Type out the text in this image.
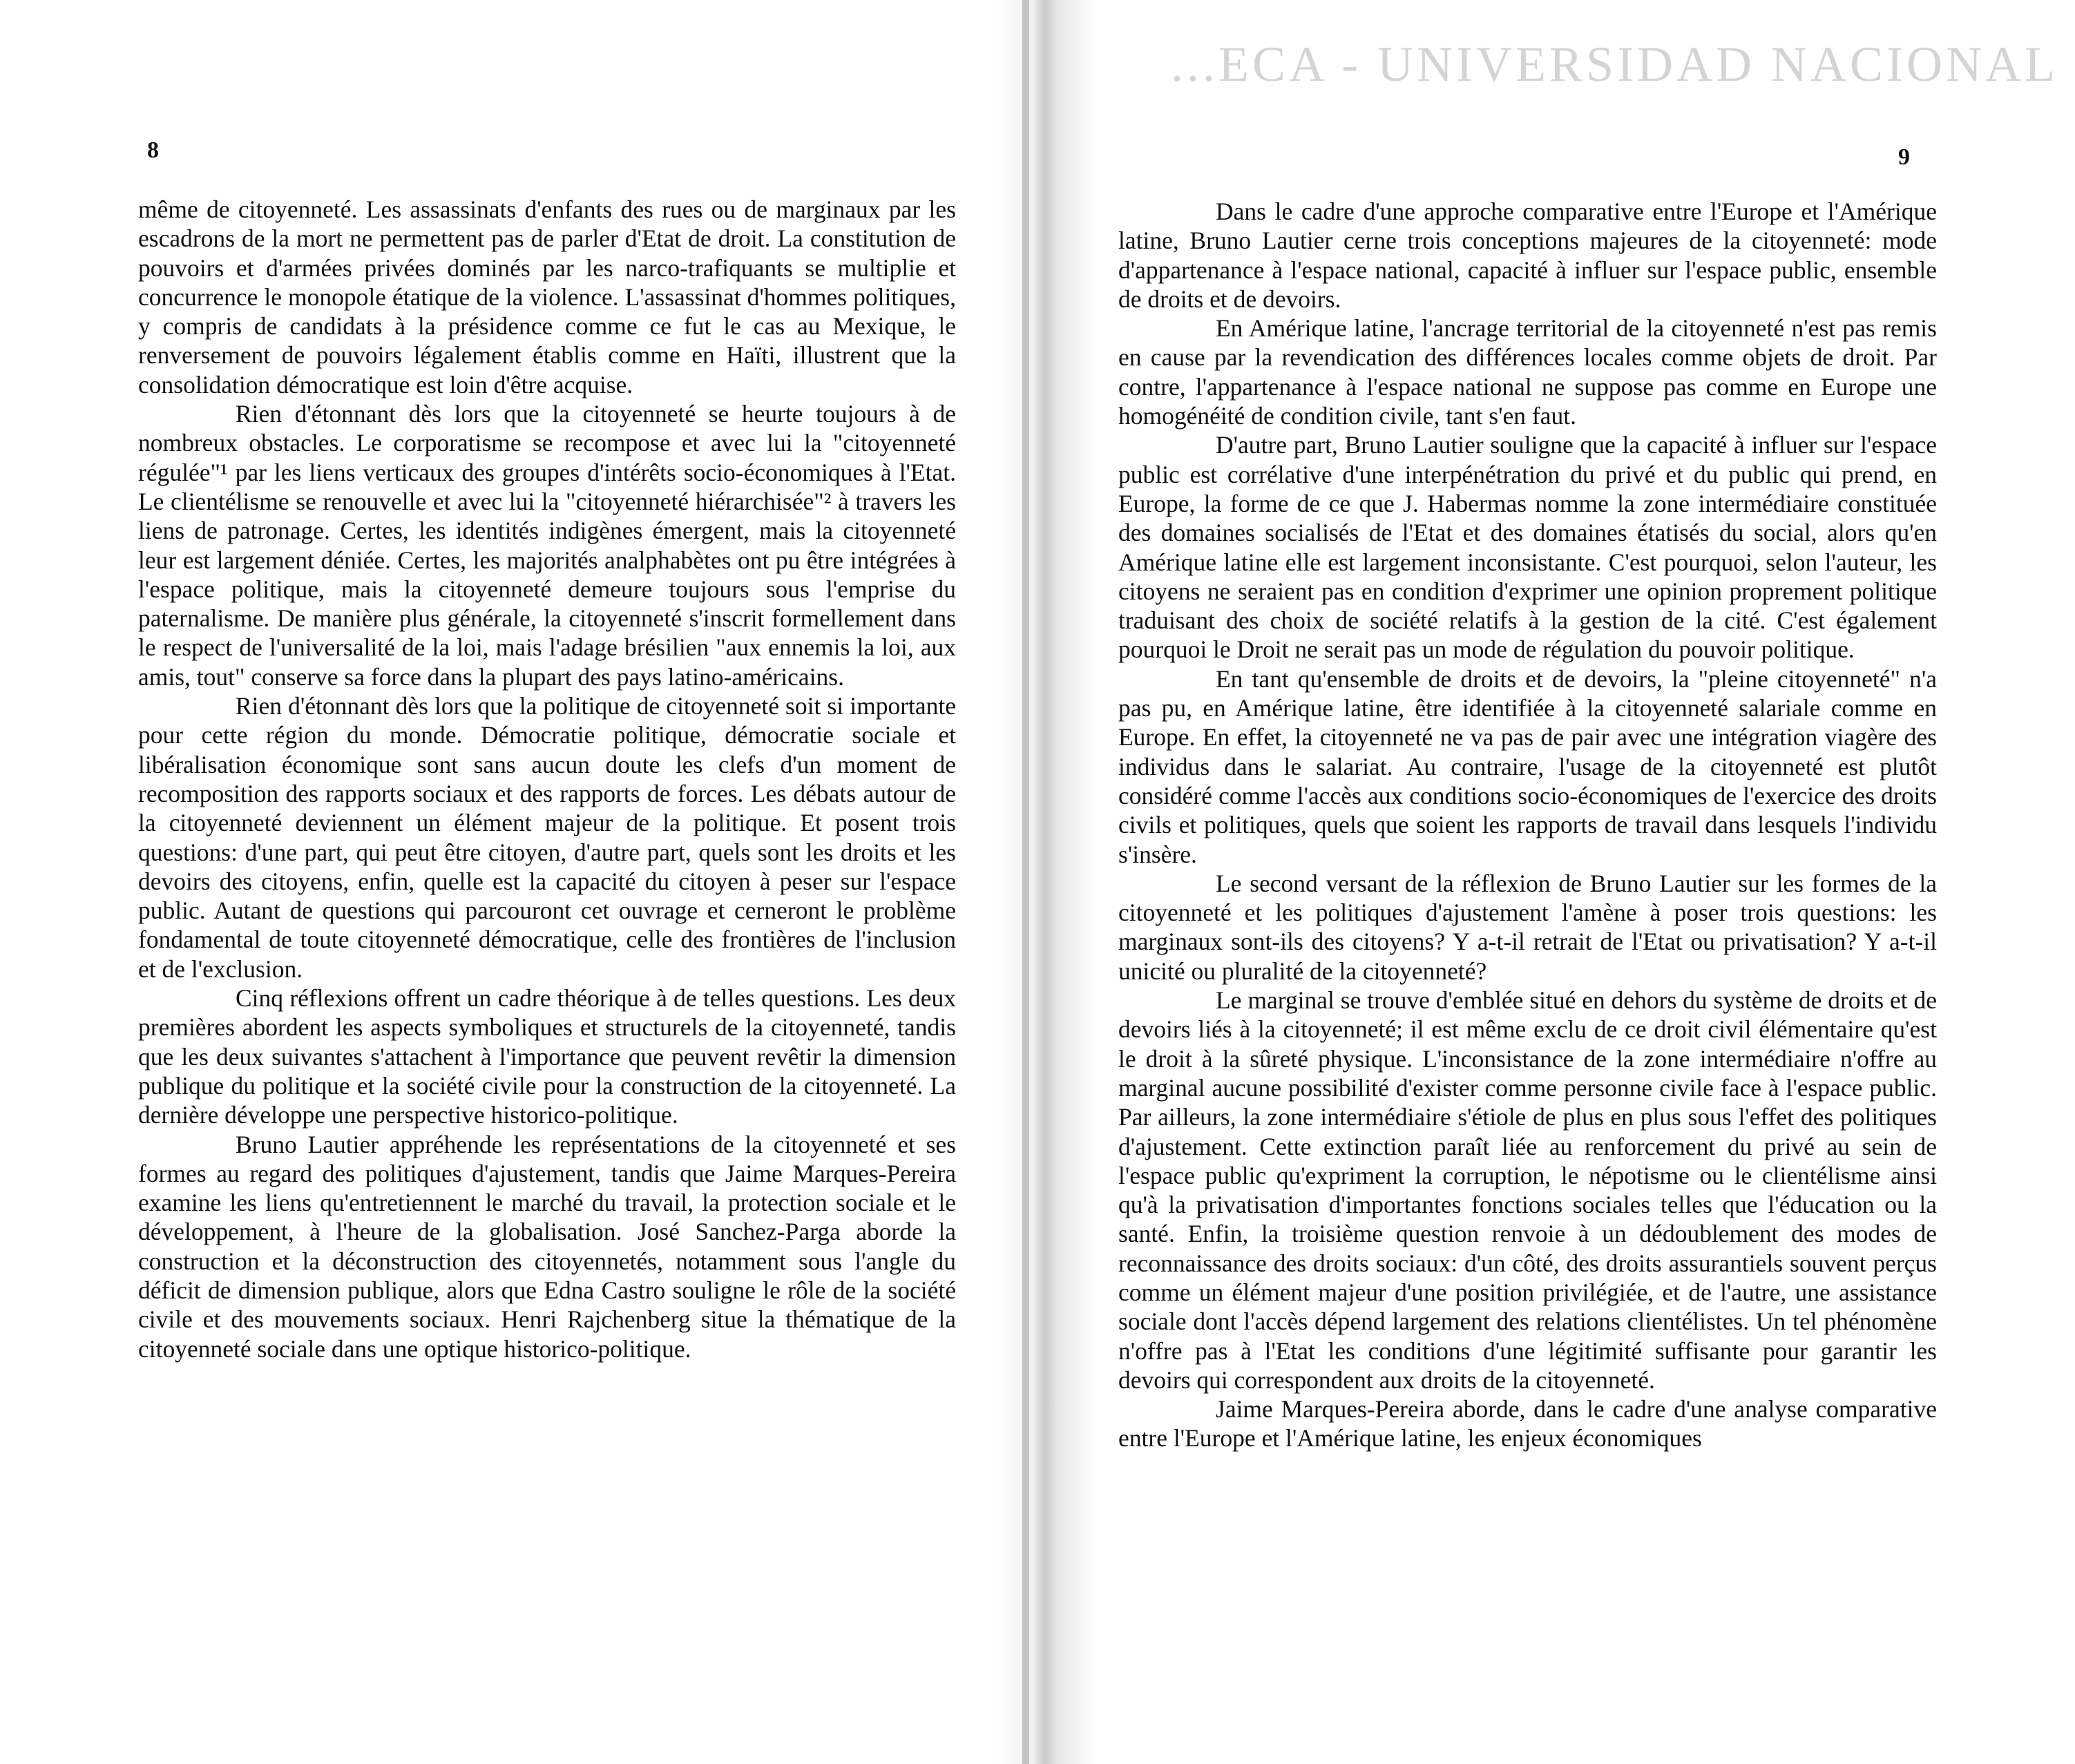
8

même de citoyenneté. Les assassinats d'enfants des rues ou de marginaux par les escadrons de la mort ne permettent pas de parler d'Etat de droit. La constitution de pouvoirs et d'armées privées dominés par les narco-trafiquants se multiplie et concurrence le monopole étatique de la violence. L'assassinat d'hommes politiques, y compris de candidats à la présidence comme ce fut le cas au Mexique, le renversement de pouvoirs légalement établis comme en Haïti, illustrent que la consolidation démocratique est loin d'être acquise.

Rien d'étonnant dès lors que la citoyenneté se heurte toujours à de nombreux obstacles. Le corporatisme se recompose et avec lui la "citoyenneté régulée"¹ par les liens verticaux des groupes d'intérêts socio-économiques à l'Etat. Le clientélisme se renouvelle et avec lui la "citoyenneté hiérarchisée"² à travers les liens de patronage. Certes, les identités indigènes émergent, mais la citoyenneté leur est largement déniée. Certes, les majorités analphabètes ont pu être intégrées à l'espace politique, mais la citoyenneté demeure toujours sous l'emprise du paternalisme. De manière plus générale, la citoyenneté s'inscrit formellement dans le respect de l'universalité de la loi, mais l'adage brésilien "aux ennemis la loi, aux amis, tout" conserve sa force dans la plupart des pays latino-américains.

Rien d'étonnant dès lors que la politique de citoyenneté soit si importante pour cette région du monde. Démocratie politique, démocratie sociale et libéralisation économique sont sans aucun doute les clefs d'un moment de recomposition des rapports sociaux et des rapports de forces. Les débats autour de la citoyenneté deviennent un élément majeur de la politique. Et posent trois questions: d'une part, qui peut être citoyen, d'autre part, quels sont les droits et les devoirs des citoyens, enfin, quelle est la capacité du citoyen à peser sur l'espace public. Autant de questions qui parcouront cet ouvrage et cerneront le problème fondamental de toute citoyenneté démocratique, celle des frontières de l'inclusion et de l'exclusion.

Cinq réflexions offrent un cadre théorique à de telles questions. Les deux premières abordent les aspects symboliques et structurels de la citoyenneté, tandis que les deux suivantes s'attachent à l'importance que peuvent revêtir la dimension publique du politique et la société civile pour la construction de la citoyenneté. La dernière développe une perspective historico-politique.

Bruno Lautier appréhende les représentations de la citoyenneté et ses formes au regard des politiques d'ajustement, tandis que Jaime Marques-Pereira examine les liens qu'entretiennent le marché du travail, la protection sociale et le développement, à l'heure de la globalisation. José Sanchez-Parga aborde la construction et la déconstruction des citoyennetés, notamment sous l'angle du déficit de dimension publique, alors que Edna Castro souligne le rôle de la société civile et des mouvements sociaux. Henri Rajchenberg situe la thématique de la citoyenneté sociale dans une optique historico-politique.

...ECA - UNIVERSIDAD NACIONAL
9

Dans le cadre d'une approche comparative entre l'Europe et l'Amérique latine, Bruno Lautier cerne trois conceptions majeures de la citoyenneté: mode d'appartenance à l'espace national, capacité à influer sur l'espace public, ensemble de droits et de devoirs.

En Amérique latine, l'ancrage territorial de la citoyenneté n'est pas remis en cause par la revendication des différences locales comme objets de droit. Par contre, l'appartenance à l'espace national ne suppose pas comme en Europe une homogénéité de condition civile, tant s'en faut.

D'autre part, Bruno Lautier souligne que la capacité à influer sur l'espace public est corrélative d'une interpénétration du privé et du public qui prend, en Europe, la forme de ce que J. Habermas nomme la zone intermédiaire constituée des domaines socialisés de l'Etat et des domaines étatisés du social, alors qu'en Amérique latine elle est largement inconsistante. C'est pourquoi, selon l'auteur, les citoyens ne seraient pas en condition d'exprimer une opinion proprement politique traduisant des choix de société relatifs à la gestion de la cité. C'est également pourquoi le Droit ne serait pas un mode de régulation du pouvoir politique.

En tant qu'ensemble de droits et de devoirs, la "pleine citoyenneté" n'a pas pu, en Amérique latine, être identifiée à la citoyenneté salariale comme en Europe. En effet, la citoyenneté ne va pas de pair avec une intégration viagère des individus dans le salariat. Au contraire, l'usage de la citoyenneté est plutôt considéré comme l'accès aux conditions socio-économiques de l'exercice des droits civils et politiques, quels que soient les rapports de travail dans lesquels l'individu s'insère.

Le second versant de la réflexion de Bruno Lautier sur les formes de la citoyenneté et les politiques d'ajustement l'amène à poser trois questions: les marginaux sont-ils des citoyens? Y a-t-il retrait de l'Etat ou privatisation? Y a-t-il unicité ou pluralité de la citoyenneté?

Le marginal se trouve d'emblée situé en dehors du système de droits et de devoirs liés à la citoyenneté; il est même exclu de ce droit civil élémentaire qu'est le droit à la sûreté physique. L'inconsistance de la zone intermédiaire n'offre au marginal aucune possibilité d'exister comme personne civile face à l'espace public. Par ailleurs, la zone intermédiaire s'étiole de plus en plus sous l'effet des politiques d'ajustement. Cette extinction paraît liée au renforcement du privé au sein de l'espace public qu'expriment la corruption, le népotisme ou le clientélisme ainsi qu'à la privatisation d'importantes fonctions sociales telles que l'éducation ou la santé. Enfin, la troisième question renvoie à un dédoublement des modes de reconnaissance des droits sociaux: d'un côté, des droits assurantiels souvent perçus comme un élément majeur d'une position privilégiée, et de l'autre, une assistance sociale dont l'accès dépend largement des relations clientélistes. Un tel phénomène n'offre pas à l'Etat les conditions d'une légitimité suffisante pour garantir les devoirs qui correspondent aux droits de la citoyenneté.

Jaime Marques-Pereira aborde, dans le cadre d'une analyse comparative entre l'Europe et l'Amérique latine, les enjeux économiques
